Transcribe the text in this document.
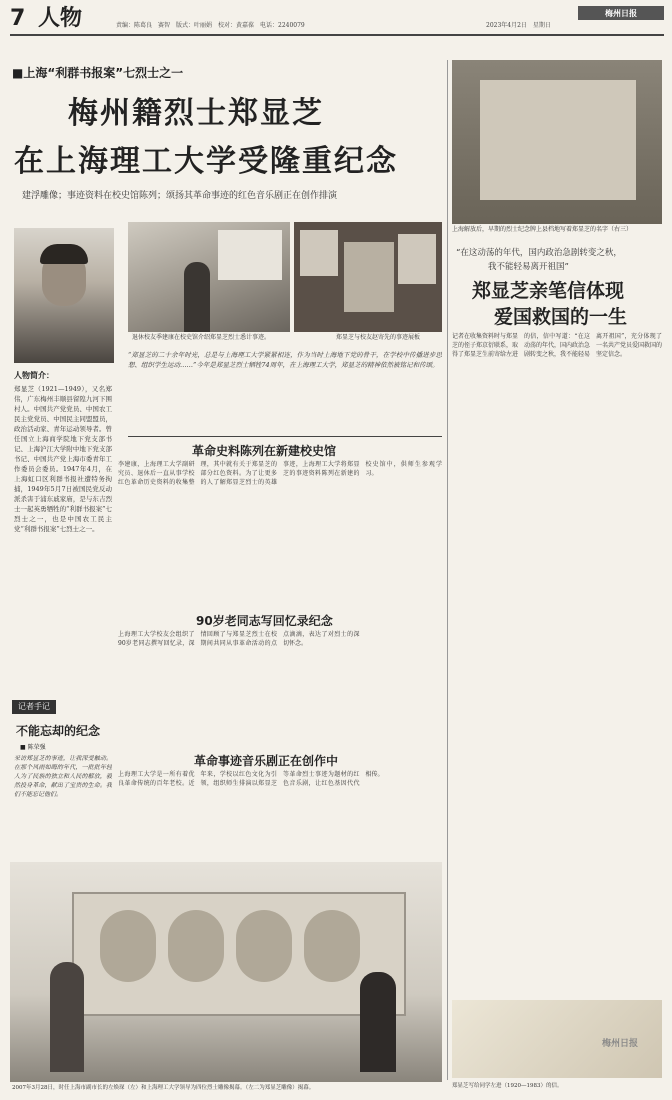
7 人物	责编：陈葛良　赛智　版式：叶丽娟　校对：黄嘉葆　电话：2240079	2023年4月2日　星期日
梅州日报
■上海“利群书报案”七烈士之一
梅州籍烈士郑显芝
在上海理工大学受隆重纪念
建浮雕像；事迹资料在校史馆陈列；颂扬其革命事迹的红色音乐剧正在创作排演
人物简介：
郑显芝（1921—1949），又名郑伟，广东梅州丰顺县留隍九河下围村人。中国共产党党员、中国农工民主党党员、中国民主同盟盟员，政治活动家、青年运动领导者。曾任国立上海商学院地下党支部书记、上海沪江大学附中地下党支部书记、中国共产党上海市委青年工作委员会委员。1947年4月，在上海虹口区利群书报社遭特务拘捕，1949年5月7日被国民党反动派杀害于浦东戚家庙，是与东吉烈士一起英勇牺牲的“利群书报案”七烈士之一，也是中国农工民主党“利群书报案”七烈士之一。
退休校友季建康在校史馆介绍郑显芝烈士悉计事迹。	郑显芝与校友赵寄先的事迹展板
“郑显芝的二十余年时光，总是与上海理工大学紧紧相连，作为当时上海地下党的骨干，在学校中传播进步思想、组织学生运动……”今年是郑显芝烈士牺牲74周年，在上海理工大学，郑显芝的精神依然被铭记和传颂。
革命史料陈列在新建校史馆
李建康，上海理工大学副研究员、退休后一直从事学校红色革命历史资料的收集整理，其中就有关于郑显芝的部分红色资料。为了让更多的人了解郑显芝烈士的英雄事迹，上海理工大学将郑显芝的事迹资料陈列在新建的校史馆中，供师生参观学习。
90岁老同志写回忆录纪念
上海理工大学校友会组织了90岁老同志撰写回忆录，深情回顾了与郑显芝烈士在校期间共同从事革命活动的点点滴滴，表达了对烈士的深切怀念。
记者手记
不能忘却的纪念
■ 陈荣强
采访郑显芝的事迹，让我深受触动。在那个风雨如晦的年代，一批批年轻人为了民族的独立和人民的解放，毅然投身革命，献出了宝贵的生命。我们不能忘记他们。
革命事迹音乐剧正在创作中
上海理工大学是一所有着优良革命传统的百年老校。近年来，学校以红色文化为引领，组织师生排演以郑显芝等革命烈士事迹为题材的红色音乐剧，让红色基因代代相传。
2007年3月28日，时任上海市副市长的左焕琛（左）和上海理工大学领导为四位烈士雕像揭幕。（左二为郑显芝雕像）揭幕。
上海解放后，早期的烈士纪念牌上县档地写着郑显芝的名字（右三）
“在这动荡的年代，国内政治急剧转变之秋，
我不能轻易离开祖国”
郑显芝亲笔信体现
爱国救国的一生
记者在收集资料时与郑显芝的侄子郑京衍联系，取得了郑显芝生前寄给左进的信，信中写道：“在这动荡的年代，国内政治急剧转变之秋，我不能轻易离开祖国”，充分体现了一名共产党员爱国救国的坚定信念。
梅州日报
郑显芝写给同学左进（1920—1983）的信。
